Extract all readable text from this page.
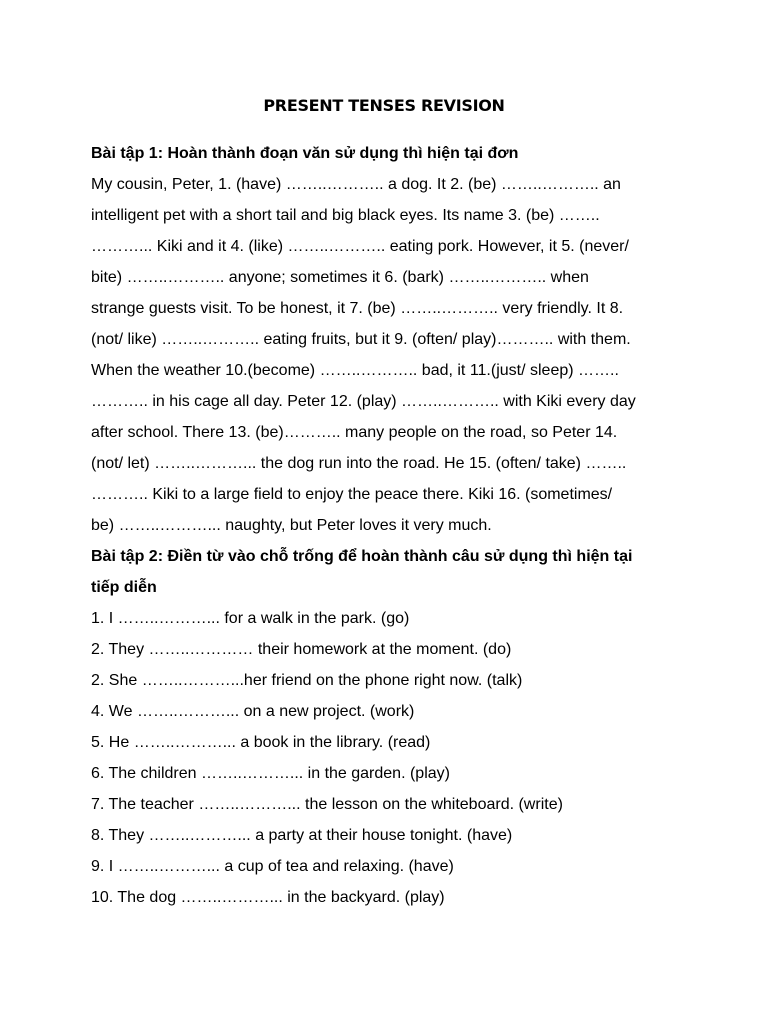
PRESENT TENSES REVISION

Bài tập 1: Hoàn thành đoạn văn sử dụng thì hiện tại đơn

My cousin, Peter, 1. (have) ……..……….. a dog. It 2. (be) ……..……….. an
intelligent pet with a short tail and big black eyes. Its name 3. (be) ……..
………... Kiki and it 4. (like) ……..……….. eating pork. However, it 5. (never/
bite) ……..……….. anyone; sometimes it 6. (bark) ……..……….. when
strange guests visit. To be honest, it 7. (be) ……..……….. very friendly. It 8.
(not/ like) ……..……….. eating fruits, but it 9. (often/ play)……….. with them.
When the weather 10.(become) ……..……….. bad, it 11.(just/ sleep) ……..
……….. in his cage all day. Peter 12. (play) ……..……….. with Kiki every day
after school. There 13. (be)……….. many people on the road, so Peter 14.
(not/ let) ……..………... the dog run into the road. He 15. (often/ take) ……..
……….. Kiki to a large field to enjoy the peace there. Kiki 16. (sometimes/
be) ……..………... naughty, but Peter loves it very much.
Bài tập 2: Điền từ vào chỗ trống để hoàn thành câu sử dụng thì hiện tại
tiếp diễn
1. I ……..………... for a walk in the park. (go)
2. They ……..………… their homework at the moment. (do)
2. She ……..………...her friend on the phone right now. (talk)
4. We ……..………... on a new project. (work)
5. He ……..………... a book in the library. (read)
6. The children ……..………... in the garden. (play)
7. The teacher ……..………... the lesson on the whiteboard. (write)
8. They ……..………... a party at their house tonight. (have)
9. I ……..………... a cup of tea and relaxing. (have)
10. The dog ……..………... in the backyard. (play)
